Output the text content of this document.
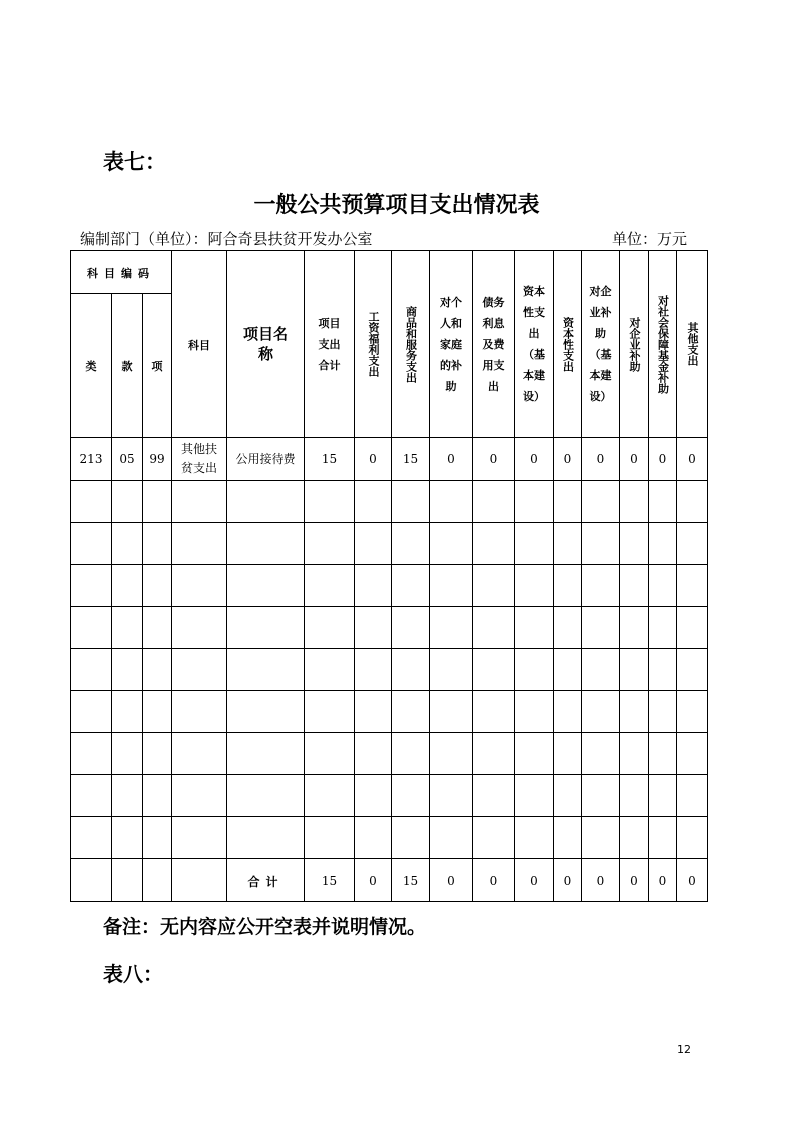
表七：
一般公共预算项目支出情况表
编制部门（单位）：阿合奇县扶贫开发办公室	单位：万元
科目编码			科目	项目名称	项目支出合计	工资福利支出	商品和服务支出	对个人和家庭的补助	债务利息及费用支出	资本性支出（基本建设）	资本性支出	对企业补助（基本建设）	对企业补助	对社会保障基金补助	其他支出

类	款	项													

213	05	99	其他扶贫支出	公用接待费	15	0	15	0	0	0	0	0	0	0	0

				合计	15	0	15	0	0	0	0	0	0	0	0
备注：无内容应公开空表并说明情况。
表八：
12
